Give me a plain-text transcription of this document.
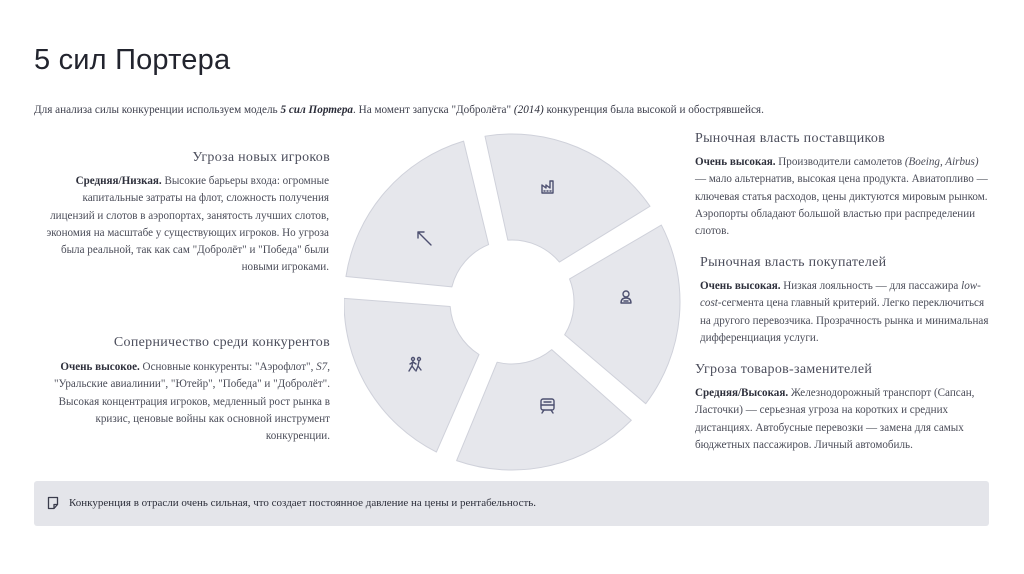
5 сил Портера
Для анализа силы конкуренции используем модель 5 сил Портера. На момент запуска "Добролёта" (2014) конкуренция была высокой и обострявшейся.
Угроза новых игроков
Средняя/Низкая. Высокие барьеры входа: огромные капитальные затраты на флот, сложность получения лицензий и слотов в аэропортах, занятость лучших слотов, экономия на масштабе у существующих игроков. Но угроза была реальной, так как сам "Добролёт" и "Победа" были новыми игроками.
Соперничество среди конкурентов
Очень высокое. Основные конкуренты: "Аэрофлот", S7, "Уральские авиалинии", "Ютейр", "Победа" и "Добролёт". Высокая концентрация игроков, медленный рост рынка в кризис, ценовые войны как основной инструмент конкуренции.
Рыночная власть поставщиков
Очень высокая. Производители самолетов (Boeing, Airbus) — мало альтернатив, высокая цена продукта. Авиатопливо — ключевая статья расходов, цены диктуются мировым рынком. Аэропорты обладают большой властью при распределении слотов.
Рыночная власть покупателей
Очень высокая. Низкая лояльность — для пассажира low-cost-сегмента цена главный критерий. Легко переключиться на другого перевозчика. Прозрачность рынка и минимальная дифференциация услуги.
Угроза товаров-заменителей
Средняя/Высокая. Железнодорожный транспорт (Сапсан, Ласточки) — серьезная угроза на коротких и средних дистанциях. Автобусные перевозки — замена для самых бюджетных пассажиров. Личный автомобиль.
Конкуренция в отрасли очень сильная, что создает постоянное давление на цены и рентабельность.
